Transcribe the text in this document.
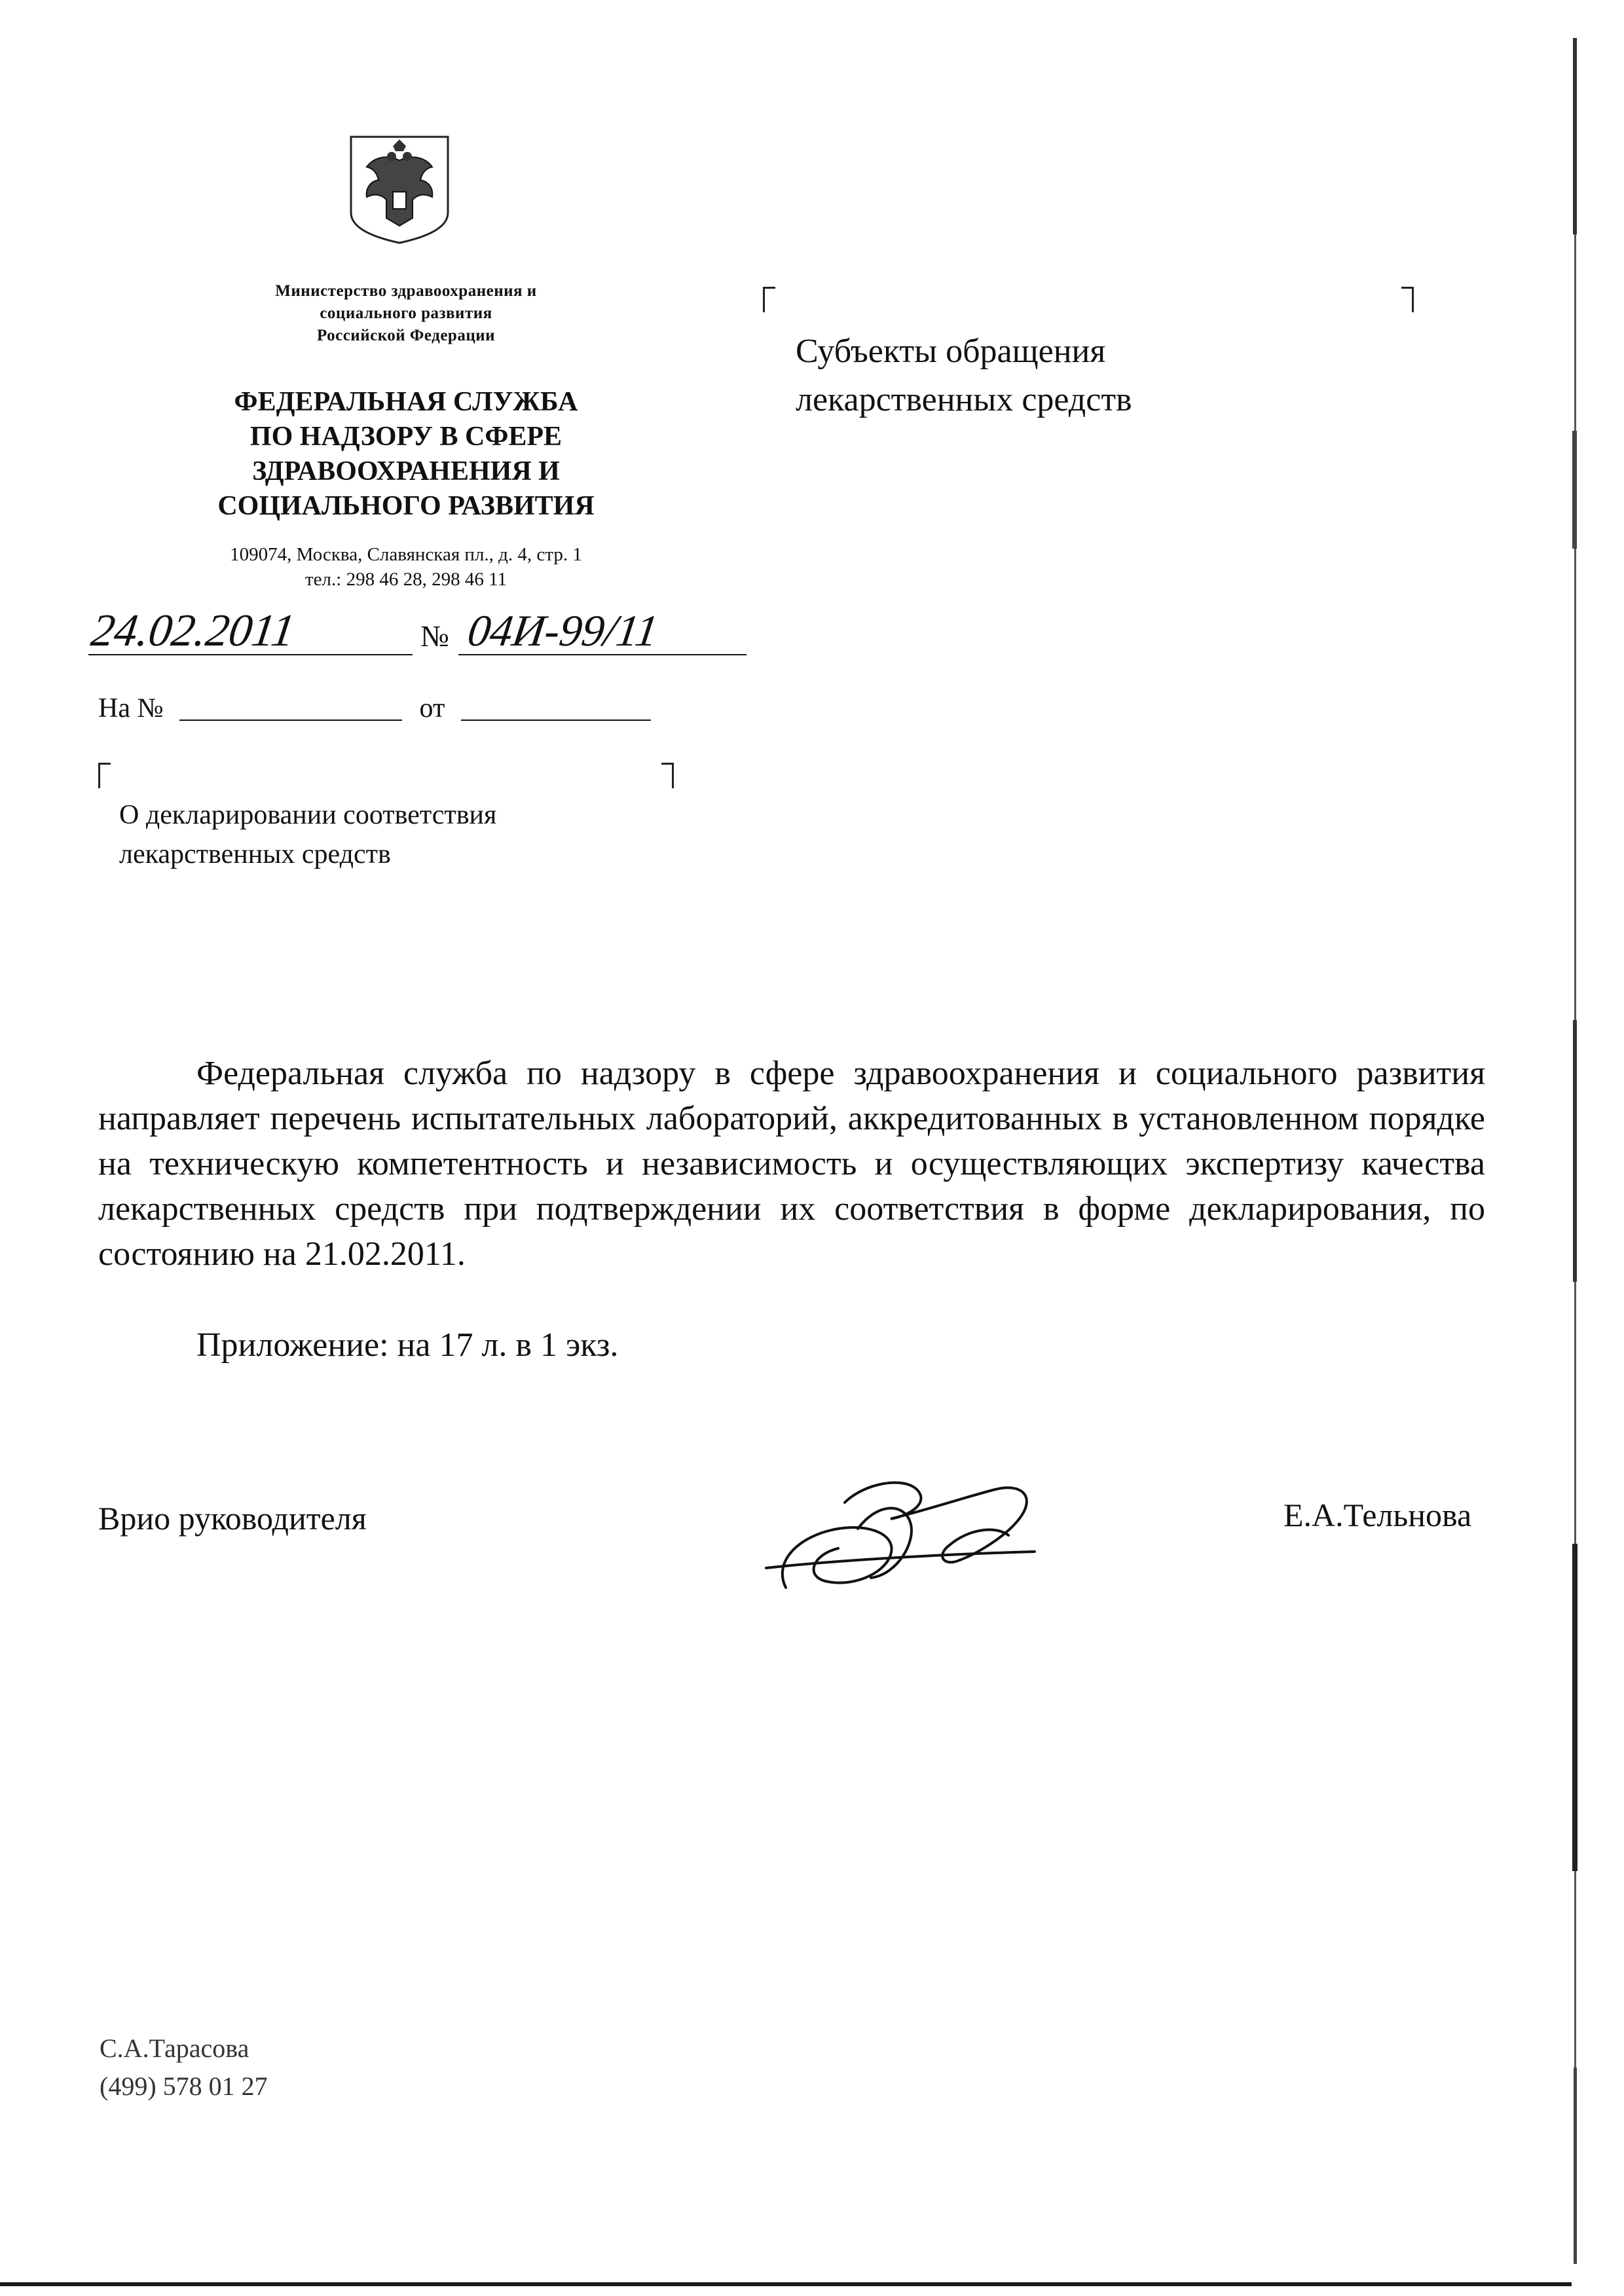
Министерство здравоохранения и
социального развития
Российской Федерации
ФЕДЕРАЛЬНАЯ СЛУЖБА
ПО НАДЗОРУ В СФЕРЕ
ЗДРАВООХРАНЕНИЯ И
СОЦИАЛЬНОГО РАЗВИТИЯ
109074, Москва, Славянская пл., д. 4, стр. 1
тел.: 298 46 28, 298 46 11
24.02.2011	№ 04И-99/11
На №	от
О декларировании соответствия
лекарственных средств
Субъекты обращения
лекарственных средств
Федеральная служба по надзору в сфере здравоохранения и социального развития направляет перечень испытательных лабораторий, аккредитованных в установленном порядке на техническую компетентность и независимость и осуществляющих экспертизу качества лекарственных средств при подтверждении их соответствия в форме декларирования, по состоянию на 21.02.2011.
Приложение: на 17 л. в 1 экз.
Врио руководителя	Е.А.Тельнова
С.А.Тарасова
(499) 578 01 27
